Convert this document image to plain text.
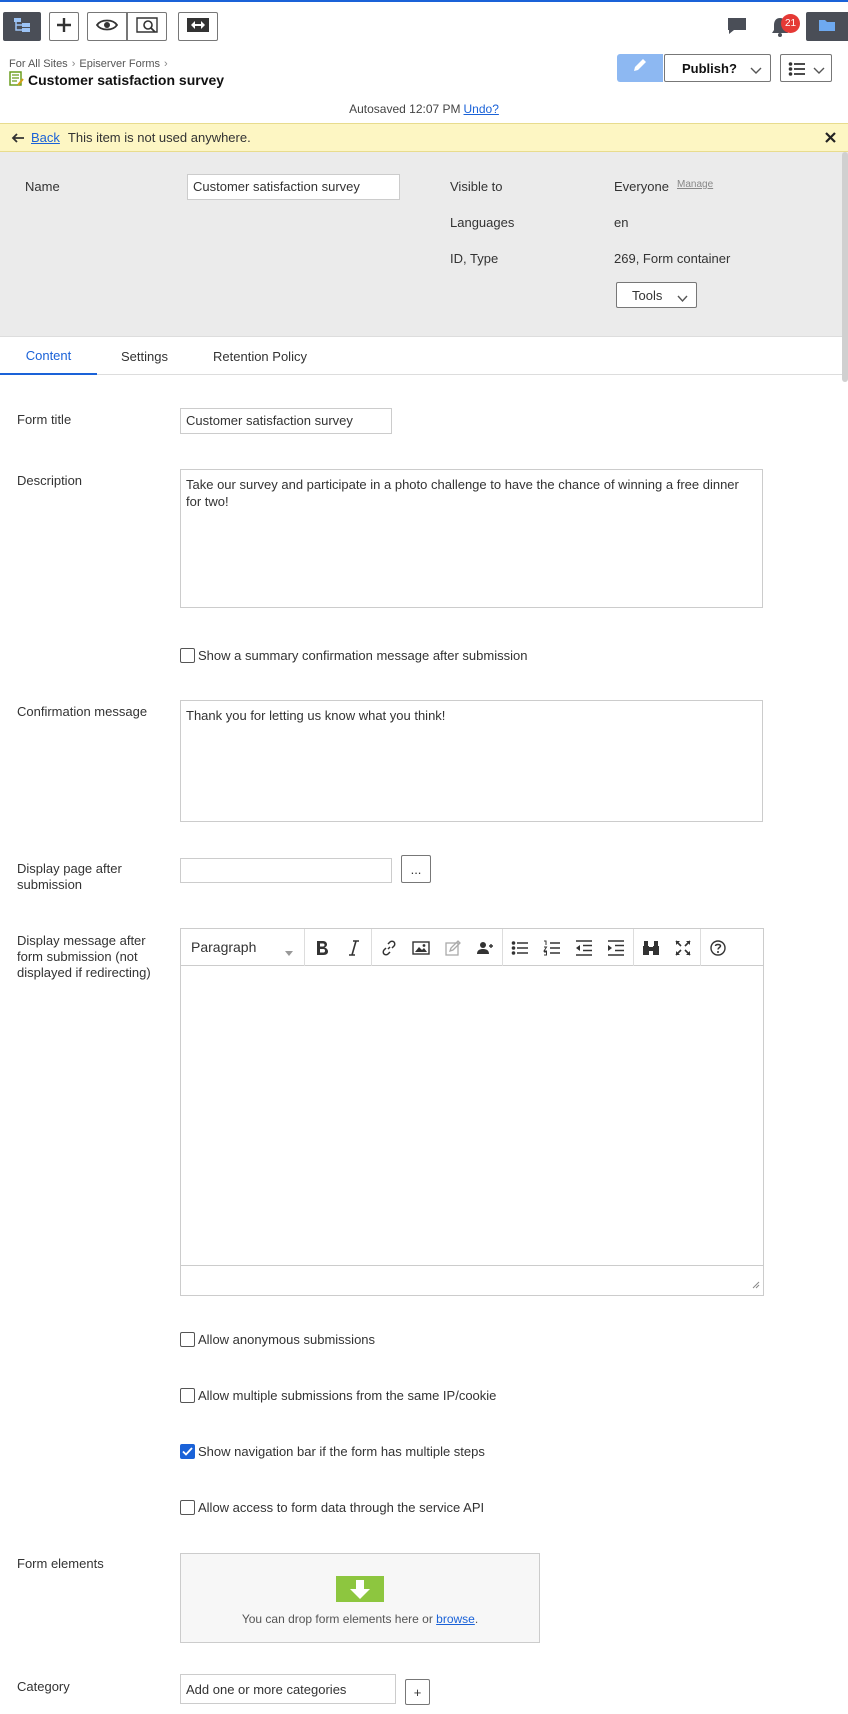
21
For All Sites › Episerver Forms ›
Customer satisfaction survey
Publish?
Autosaved 12:07 PM Undo?
Back This item is not used anywhere.
Name	Customer satisfaction survey	Visible to	Everyone Manage
Languages	en
ID, Type	269, Form container
Tools
Content	Settings	Retention Policy
Form title	Customer satisfaction survey
Description	Take our survey and participate in a photo challenge to have the chance of winning a free dinner for two!
Show a summary confirmation message after submission
Confirmation message	Thank you for letting us know what you think!
Display page after submission
...
Display message after form submission (not displayed if redirecting)
Paragraph
Allow anonymous submissions
Allow multiple submissions from the same IP/cookie
Show navigation bar if the form has multiple steps
Allow access to form data through the service API
Form elements
You can drop form elements here or browse.
Category	Add one or more categories	+
